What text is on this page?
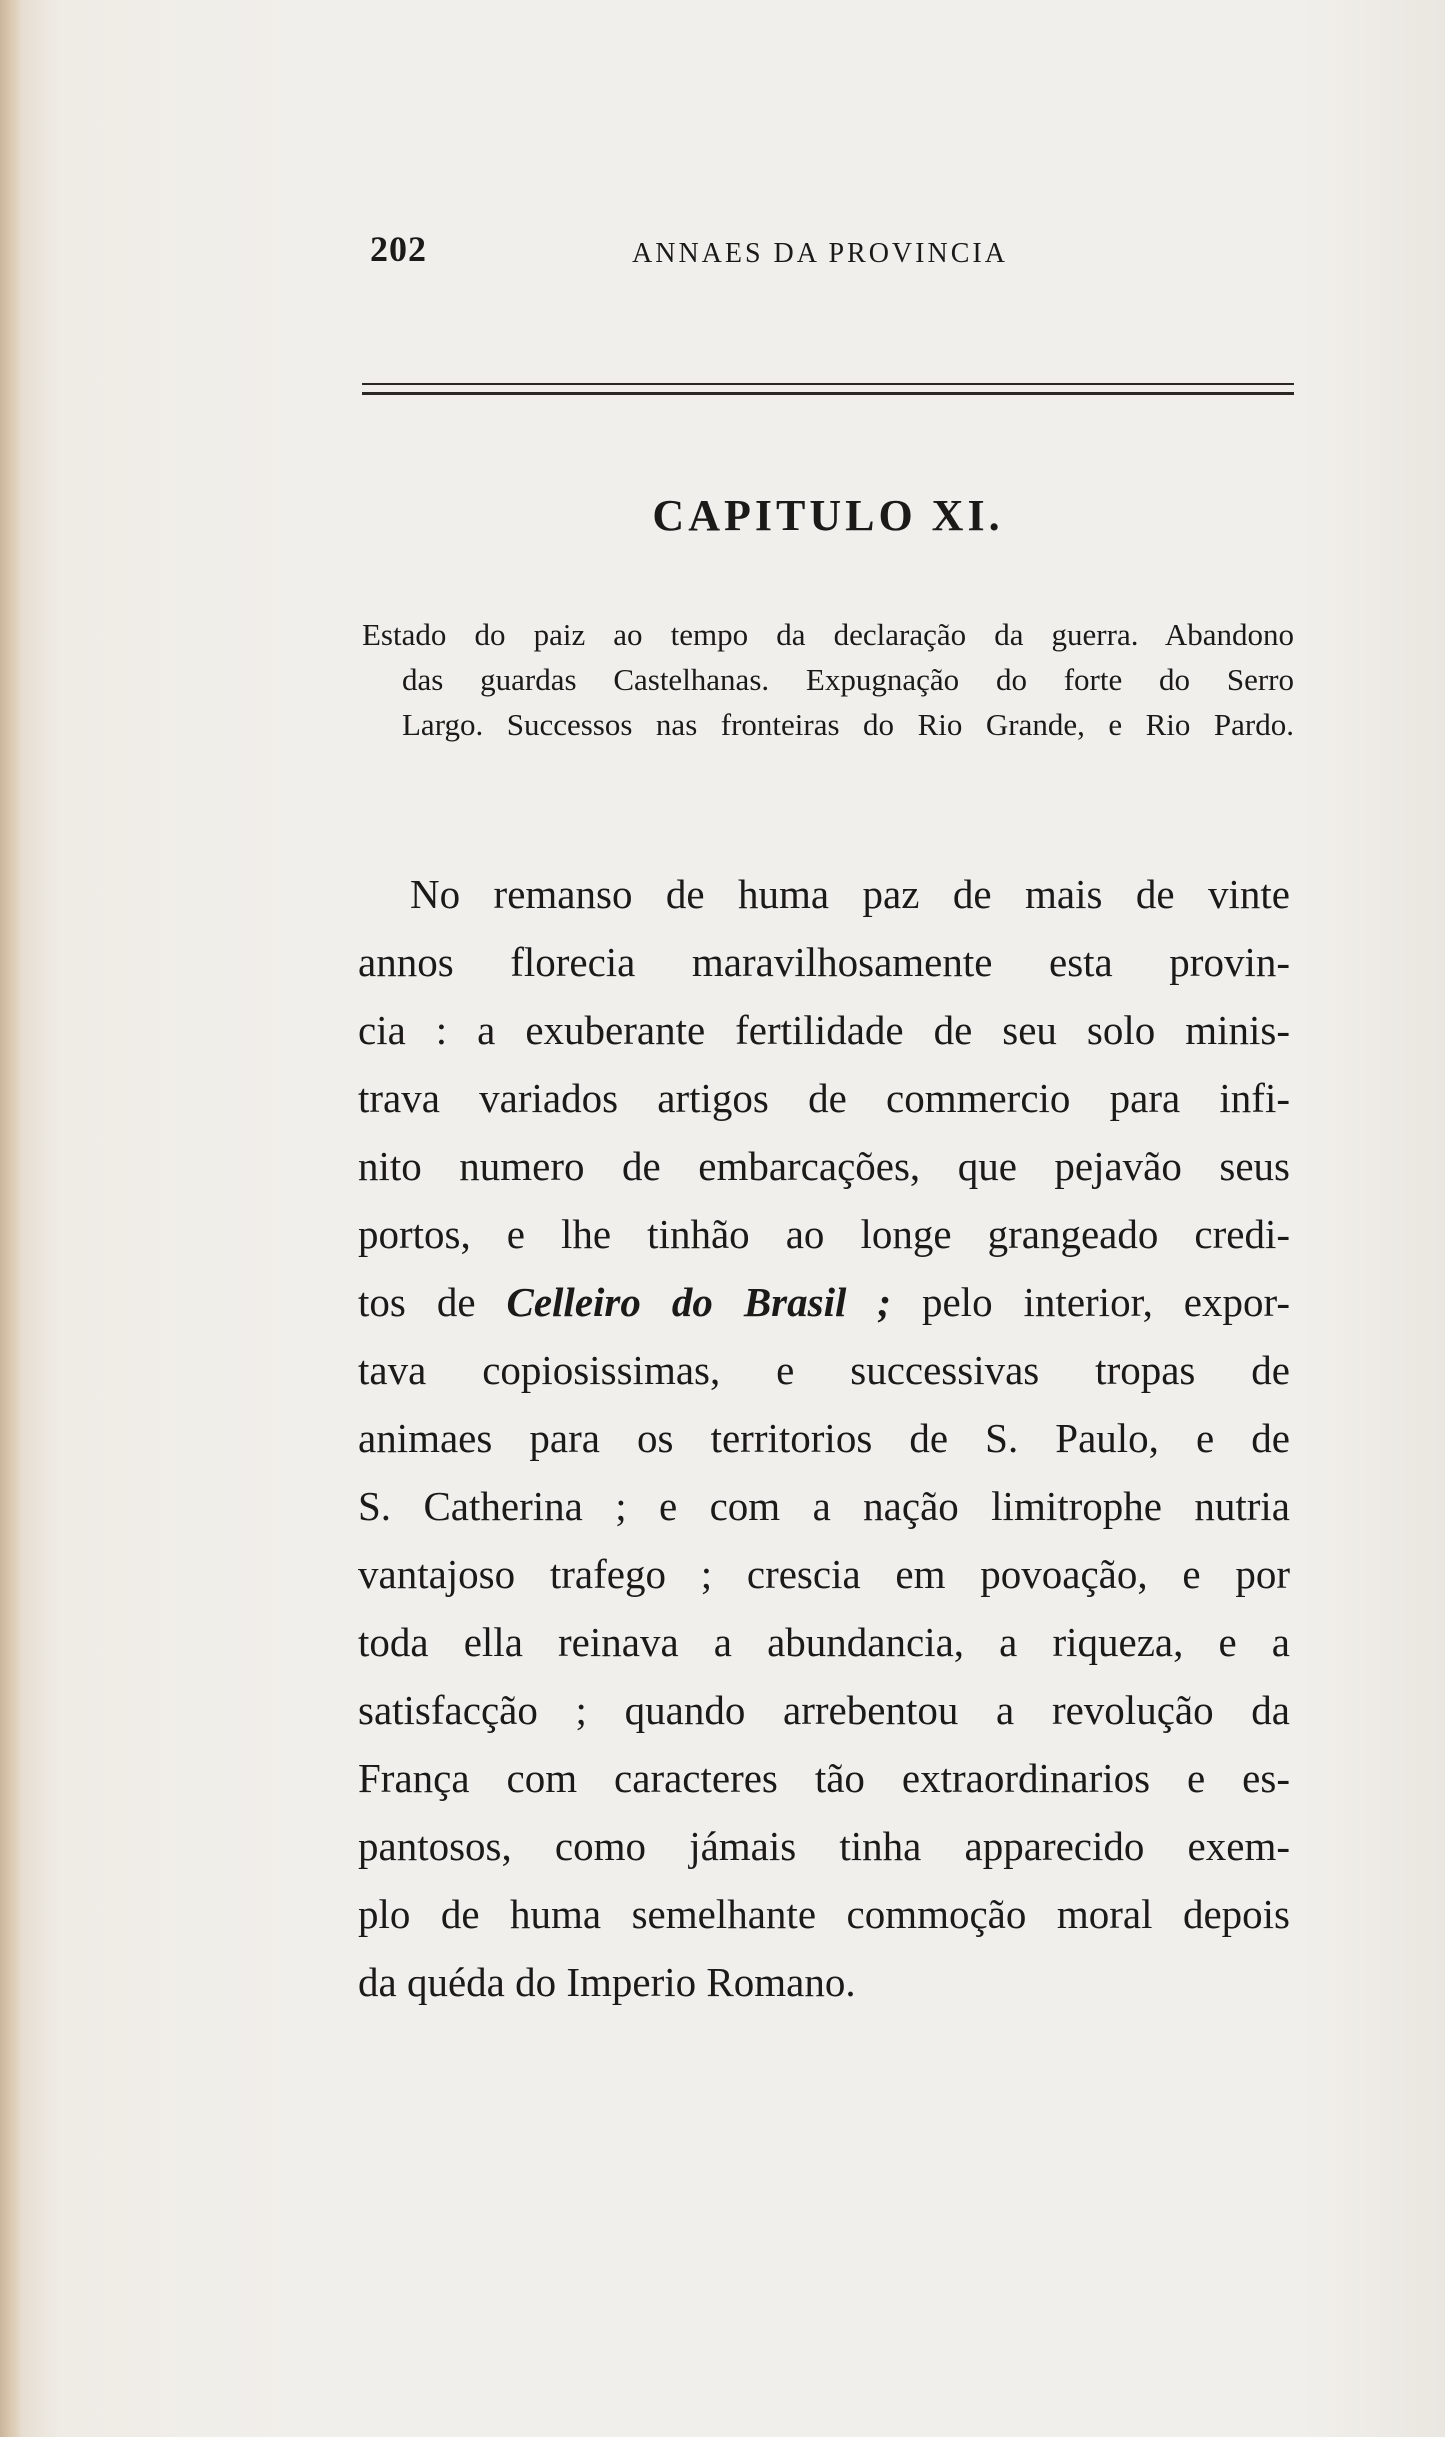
202	ANNAES DA PROVINCIA
CAPITULO XI.
Estado do paiz ao tempo da declaração da guerra. Abandono
das guardas Castelhanas. Expugnação do forte do Serro
Largo. Successos nas fronteiras do Rio Grande, e Rio Pardo.
No remanso de huma paz de mais de vinte
annos florecia maravilhosamente esta provin-
cia : a exuberante fertilidade de seu solo minis-
trava variados artigos de commercio para infi-
nito numero de embarcações, que pejavão seus
portos, e lhe tinhão ao longe grangeado credi-
tos de Celleiro do Brasil ; pelo interior, expor-
tava copiosissimas, e successivas tropas de
animaes para os territorios de S. Paulo, e de
S. Catherina ; e com a nação limitrophe nutria
vantajoso trafego ; crescia em povoação, e por
toda ella reinava a abundancia, a riqueza, e a
satisfacção ; quando arrebentou a revolução da
França com caracteres tão extraordinarios e es-
pantosos, como jámais tinha apparecido exem-
plo de huma semelhante commoção moral depois
da quéda do Imperio Romano.
